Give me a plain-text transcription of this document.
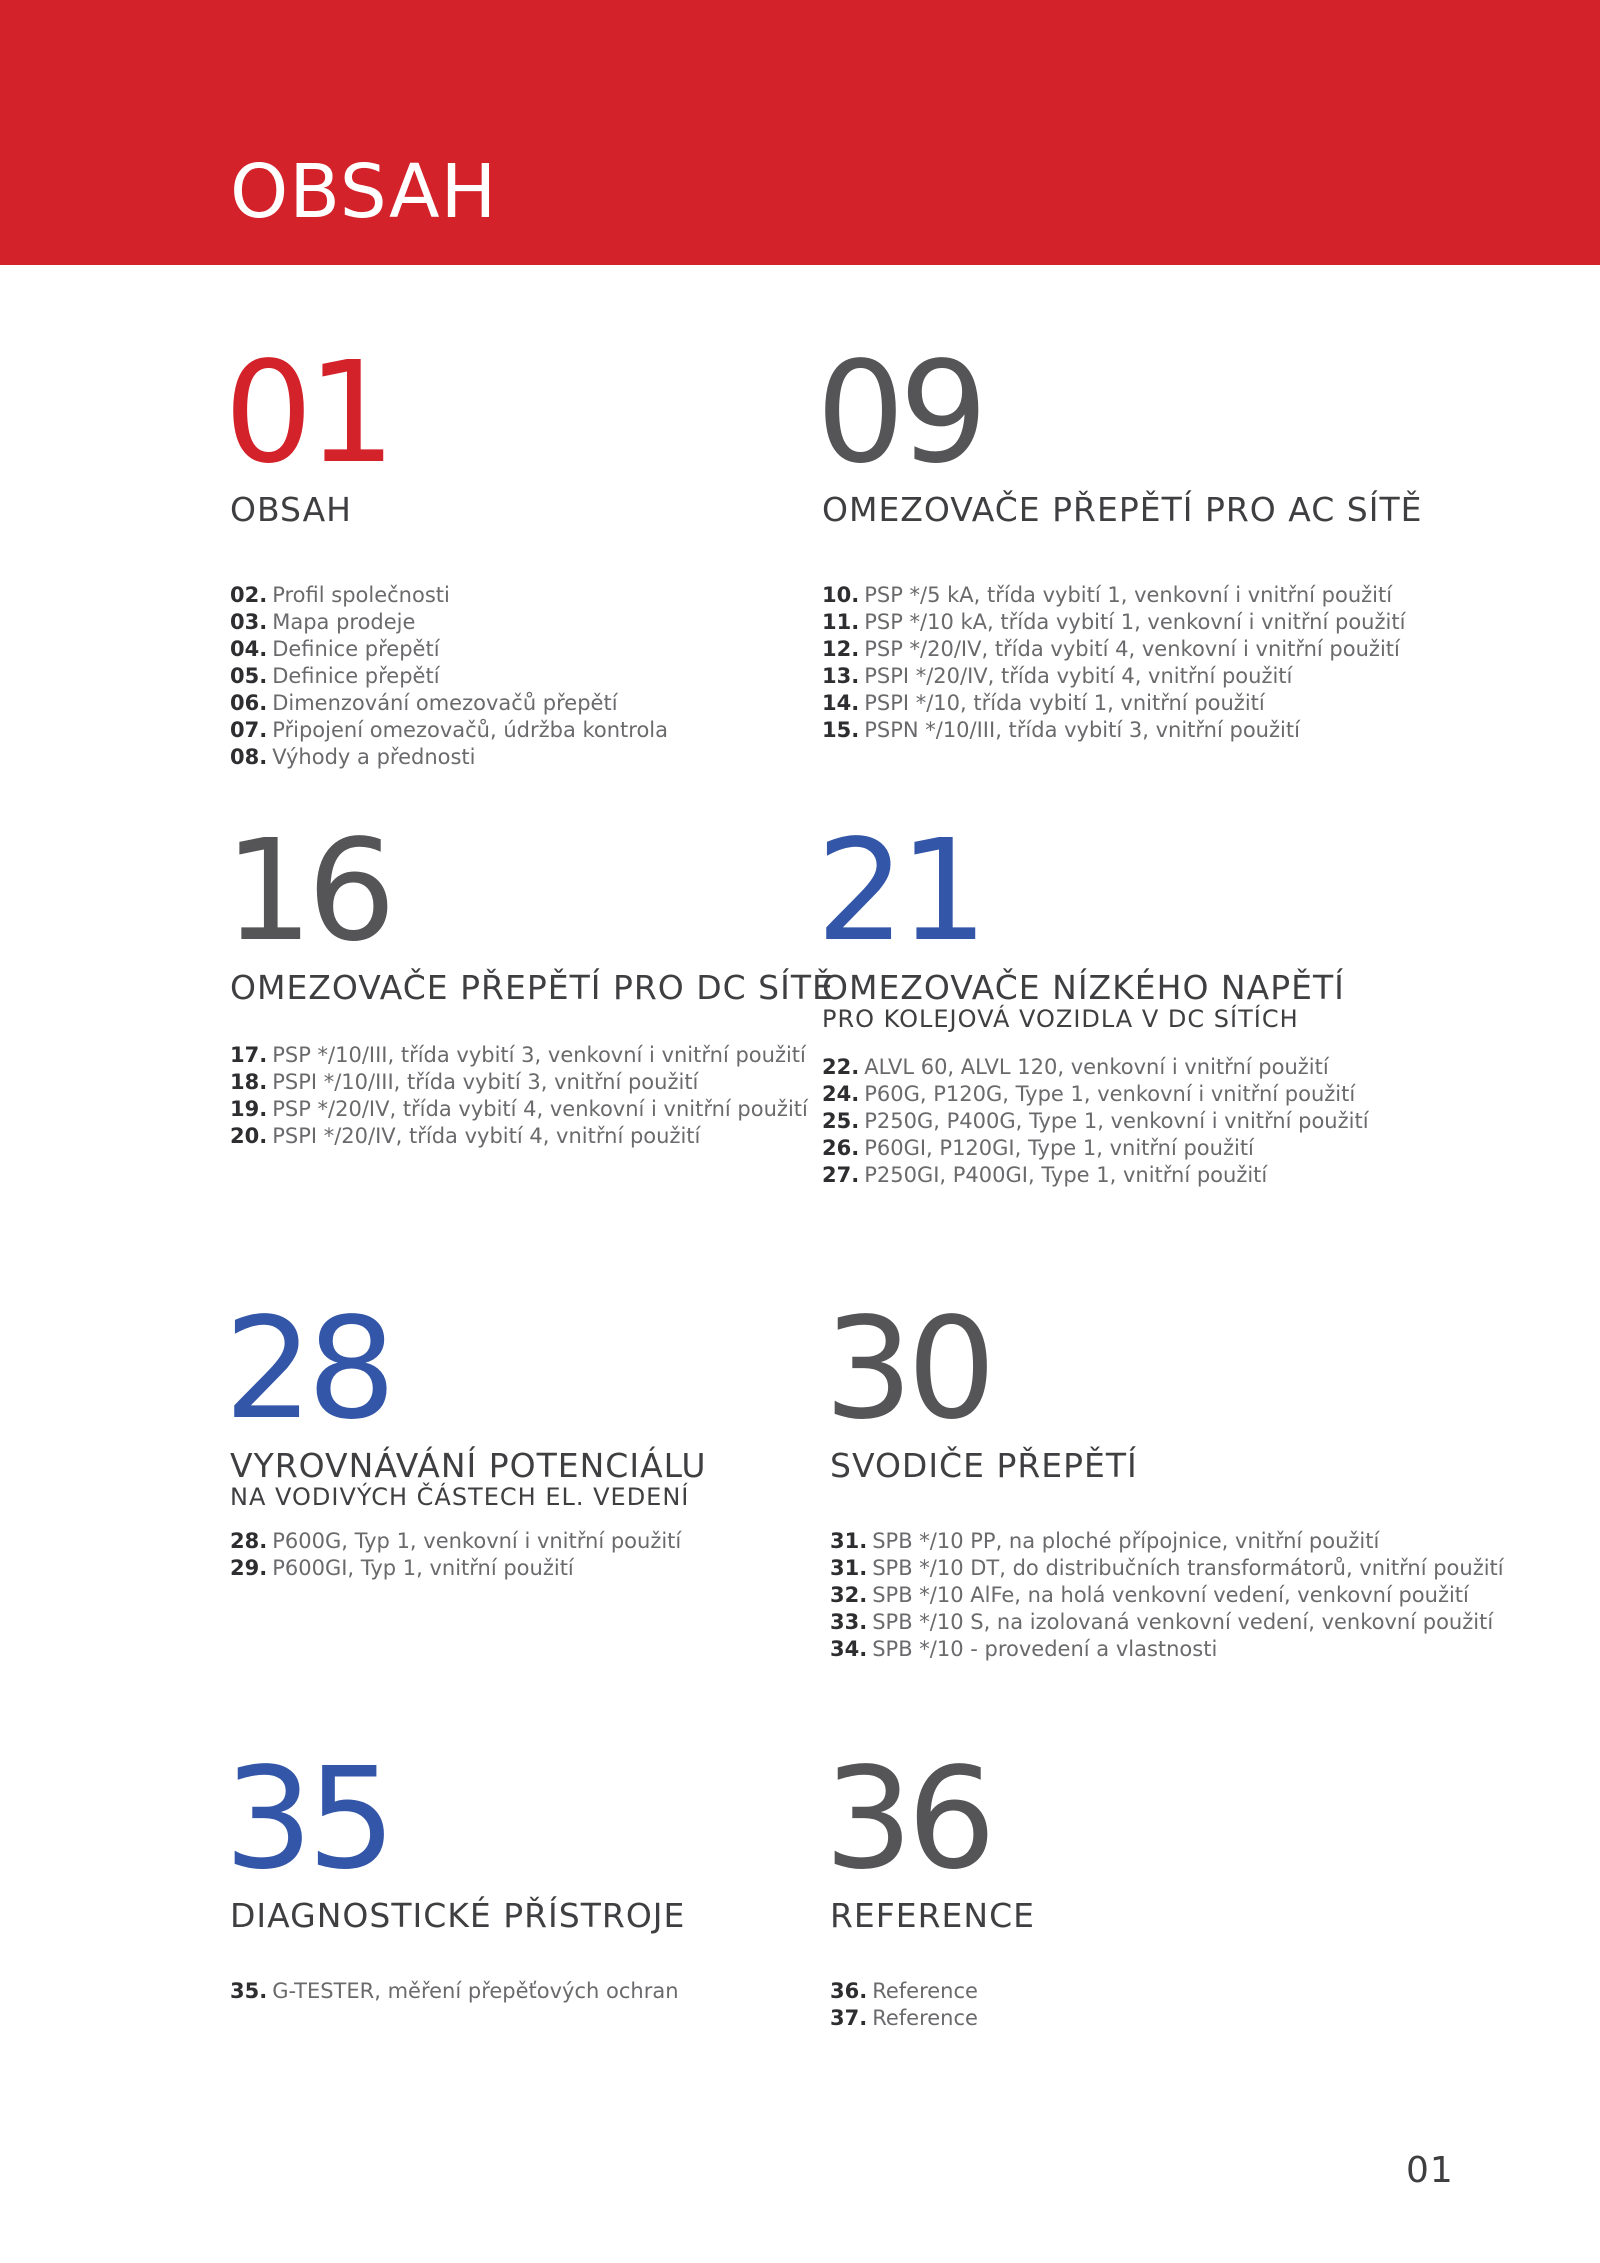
OBSAH
01
OBSAH
02. Profil společnosti
03. Mapa prodeje
04. Definice přepětí
05. Definice přepětí
06. Dimenzování omezovačů přepětí
07. Připojení omezovačů, údržba kontrola
08. Výhody a přednosti
09
OMEZOVAČE PŘEPĚTÍ PRO AC SÍTĚ
10. PSP */5 kA, třída vybití 1, venkovní i vnitřní použití
11. PSP */10 kA, třída vybití 1, venkovní i vnitřní použití
12. PSP */20/IV, třída vybití 4, venkovní i vnitřní použití
13. PSPI */20/IV, třída vybití 4, vnitřní použití
14. PSPI */10, třída vybití 1, vnitřní použití
15. PSPN */10/III, třída vybití 3, vnitřní použití
16
OMEZOVAČE PŘEPĚTÍ PRO DC SÍTĚ
17. PSP */10/III, třída vybití 3, venkovní i vnitřní použití
18. PSPI */10/III, třída vybití 3, vnitřní použití
19. PSP */20/IV, třída vybití 4, venkovní i vnitřní použití
20. PSPI */20/IV, třída vybití 4, vnitřní použití
21
OMEZOVAČE NÍZKÉHO NAPĚTÍ
PRO KOLEJOVÁ VOZIDLA V DC SÍTÍCH
22. ALVL 60, ALVL 120, venkovní i vnitřní použití
24. P60G, P120G, Type 1, venkovní i vnitřní použití
25. P250G, P400G, Type 1, venkovní i vnitřní použití
26. P60GI, P120GI, Type 1, vnitřní použití
27. P250GI, P400GI, Type 1, vnitřní použití
28
VYROVNÁVÁNÍ POTENCIÁLU
NA VODIVÝCH ČÁSTECH EL. VEDENÍ
28. P600G, Typ 1, venkovní i vnitřní použití
29. P600GI, Typ 1, vnitřní použití
30
SVODIČE PŘEPĚTÍ
31. SPB */10 PP, na ploché přípojnice, vnitřní použití
31. SPB */10 DT, do distribučních transformátorů, vnitřní použití
32. SPB */10 AlFe, na holá venkovní vedení, venkovní použití
33. SPB */10 S, na izolovaná venkovní vedení, venkovní použití
34. SPB */10 - provedení a vlastnosti
35
DIAGNOSTICKÉ PŘÍSTROJE
35. G-TESTER, měření přepěťových ochran
36
REFERENCE
36. Reference
37. Reference
01
